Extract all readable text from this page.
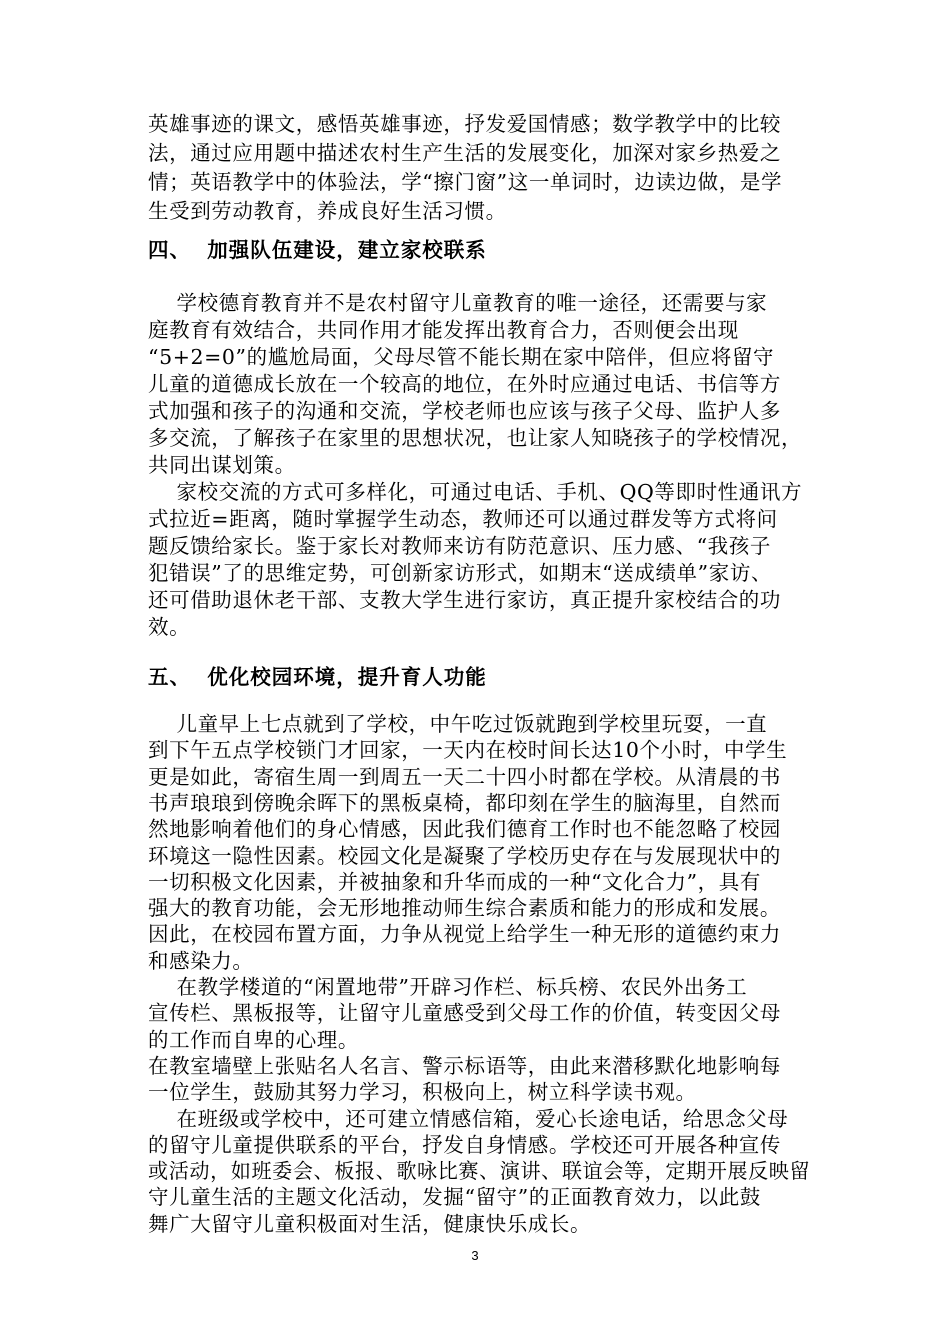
英雄事迹的课文，感悟英雄事迹，抒发爱国情感；数学教学中的比较
法，通过应用题中描述农村生产生活的发展变化，加深对家乡热爱之
情；英语教学中的体验法，学“擦门窗”这一单词时，边读边做，是学
生受到劳动教育，养成良好生活习惯。
四、  加强队伍建设，建立家校联系
学校德育教育并不是农村留守儿童教育的唯一途径，还需要与家
庭教育有效结合，共同作用才能发挥出教育合力，否则便会出现
“5+2=0”的尴尬局面，父母尽管不能长期在家中陪伴，但应将留守
儿童的道德成长放在一个较高的地位，在外时应通过电话、书信等方
式加强和孩子的沟通和交流，学校老师也应该与孩子父母、监护人多
多交流，了解孩子在家里的思想状况，也让家人知晓孩子的学校情况，
共同出谋划策。
家校交流的方式可多样化，可通过电话、手机、QQ等即时性通讯方
式拉近=距离，随时掌握学生动态，教师还可以通过群发等方式将问
题反馈给家长。鉴于家长对教师来访有防范意识、压力感、“我孩子
犯错误”了的思维定势，可创新家访形式，如期末“送成绩单”家访、
还可借助退休老干部、支教大学生进行家访，真正提升家校结合的功
效。
五、  优化校园环境，提升育人功能
儿童早上七点就到了学校，中午吃过饭就跑到学校里玩耍，一直
到下午五点学校锁门才回家，一天内在校时间长达10个小时，中学生
更是如此，寄宿生周一到周五一天二十四小时都在学校。从清晨的书
书声琅琅到傍晚余晖下的黑板桌椅，都印刻在学生的脑海里，自然而
然地影响着他们的身心情感，因此我们德育工作时也不能忽略了校园
环境这一隐性因素。校园文化是凝聚了学校历史存在与发展现状中的
一切积极文化因素，并被抽象和升华而成的一种“文化合力”，具有
强大的教育功能，会无形地推动师生综合素质和能力的形成和发展。
因此，在校园布置方面，力争从视觉上给学生一种无形的道德约束力
和感染力。
在教学楼道的“闲置地带”开辟习作栏、标兵榜、农民外出务工
宣传栏、黑板报等，让留守儿童感受到父母工作的价值，转变因父母
的工作而自卑的心理。
在教室墙壁上张贴名人名言、警示标语等，由此来潜移默化地影响每
一位学生，鼓励其努力学习，积极向上，树立科学读书观。
在班级或学校中，还可建立情感信箱，爱心长途电话，给思念父母
的留守儿童提供联系的平台，抒发自身情感。学校还可开展各种宣传
或活动，如班委会、板报、歌咏比赛、演讲、联谊会等，定期开展反映留
守儿童生活的主题文化活动，发掘“留守”的正面教育效力，以此鼓
舞广大留守儿童积极面对生活，健康快乐成长。
3
